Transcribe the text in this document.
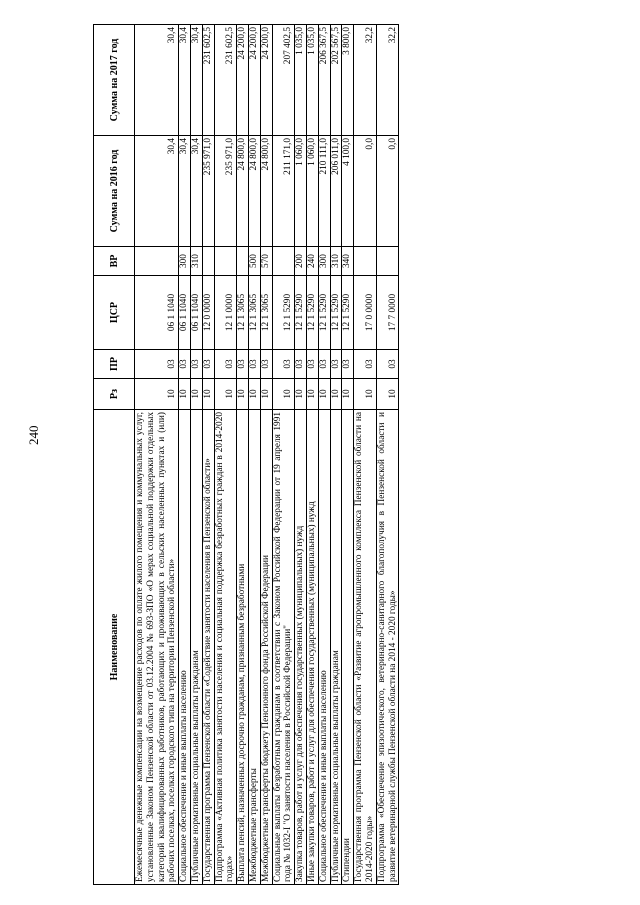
240
Наименование	Рз	ПР	ЦСР	ВР	Сумма на 2016 год	Сумма на 2017 год
Ежемесячные денежные компенсации на возмещение расходов по оплате жилого помещения и коммунальных услуг, установленные Законом Пензенской области от 03.12.2004 № 693-ЗПО «О мерах социальной поддержки отдельных категорий квалифицированных работников, работающих и проживающих в сельских населенных пунктах и (или) рабочих поселках, поселках городского типа на территории Пензенской области»	10	03	06 1 1040		30,4	30,4
Социальное обеспечение и иные выплаты населению	10	03	06 1 1040	300	30,4	30,4
Публичные нормативные социальные выплаты гражданам	10	03	06 1 1040	310	30,4	30,4
Государственная программа Пензенской области «Содействие занятости населения в Пензенской области»	10	03	12 0 0000		235 971,0	231 602,5
Подпрограмма «Активная политика занятости населения и социальная поддержка безработных граждан в 2014-2020 годах»	10	03	12 1 0000		235 971,0	231 602,5
Выплата пенсий, назначенных досрочно гражданам, признанным безработными	10	03	12 1 3065		24 800,0	24 200,0
Межбюджетные трансферты	10	03	12 1 3065	500	24 800,0	24 200,0
Межбюджетные трансферты бюджету Пенсионного фонда Российской Федерации	10	03	12 1 3065	570	24 800,0	24 200,0
Социальные выплаты безработным гражданам в соответствии с Законом Российской Федерации от 19 апреля 1991 года № 1032-I "О занятости населения в Российской Федерации"	10	03	12 1 5290		211 171,0	207 402,5
Закупка товаров, работ и услуг для обеспечения государственных (муниципальных) нужд	10	03	12 1 5290	200	1 060,0	1 035,0
Иные закупки товаров, работ и услуг для обеспечения государственных (муниципальных) нужд	10	03	12 1 5290	240	1 060,0	1 035,0
Социальное обеспечение и иные выплаты населению	10	03	12 1 5290	300	210 111,0	206 367,5
Публичные нормативные социальные выплаты гражданам	10	03	12 1 5290	310	206 011,0	202 567,5
Стипендии	10	03	12 1 5290	340	4 100,0	3 800,0
Государственная программа Пензенской области «Развитие агропромышленного комплекса Пензенской области на 2014-2020 годы»	10	03	17 0 0000		0,0	32,2
Подпрограмма «Обеспечение эпизоотического, ветеринарно-санитарного благополучия в Пензенской области и развитие ветеринарной службы Пензенской области на 2014 - 2020 годы»	10	03	17 7 0000		0,0	32,2
